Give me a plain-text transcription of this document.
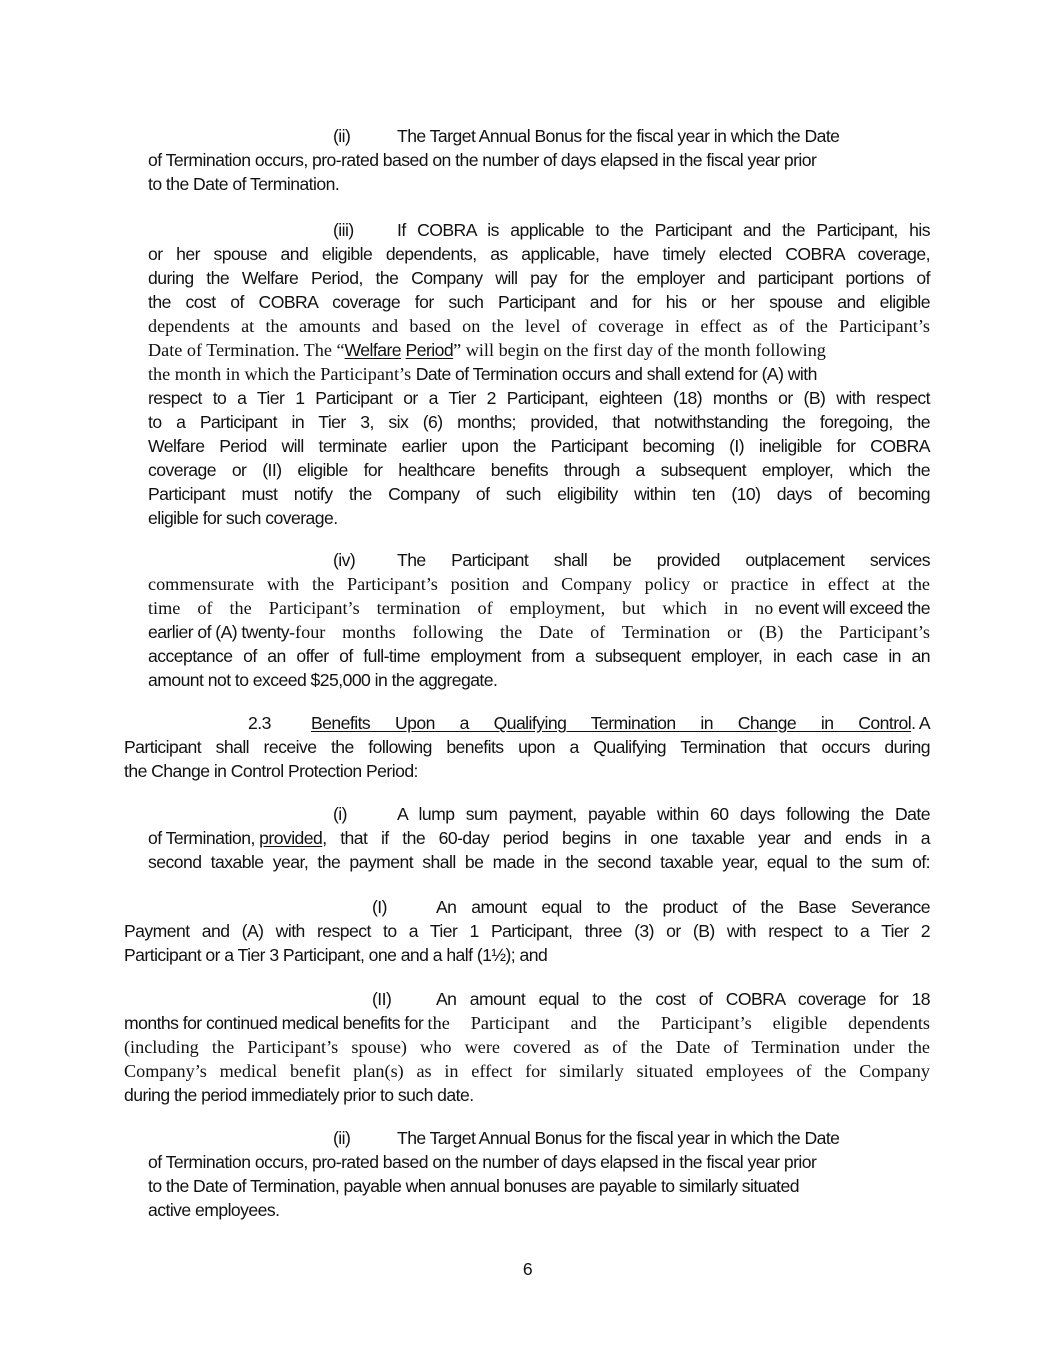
(ii)	The Target Annual Bonus for the fiscal year in which the Date
of Termination occurs, pro-rated based on the number of days elapsed in the fiscal year prior
to the Date of Termination.
(iii) If COBRA is applicable to the Participant and the Participant, his
or her spouse and eligible dependents, as applicable, have timely elected COBRA coverage,
during the Welfare Period, the Company will pay for the employer and participant portions of
the cost of COBRA coverage for such Participant and for his or her spouse and eligible
dependents at the amounts and based on the level of coverage in effect as of the Participant’s
Date of Termination. The “Welfare Period” will begin on the first day of the month following
the month in which the Participant’s Date of Termination occurs and shall extend for (A) with
respect to a Tier 1 Participant or a Tier 2 Participant, eighteen (18) months or (B) with respect
to a Participant in Tier 3, six (6) months; provided, that notwithstanding the foregoing, the
Welfare Period will terminate earlier upon the Participant becoming (I) ineligible for COBRA
coverage or (II) eligible for healthcare benefits through a subsequent employer, which the
Participant must notify the Company of such eligibility within ten (10) days of becoming
eligible for such coverage.
(iv) The Participant shall be provided outplacement services
commensurate with the Participant’s position and Company policy or practice in effect at the
time of the Participant’s termination of employment, but which in no event will exceed the
earlier of (A) twenty -four months following the Date of Termination or (B) the Participant’s
acceptance of an offer of full-time employment from a subsequent employer, in each case in an
amount not to exceed $25,000 in the aggregate.
2.3 Benefits Upon a Qualifying Termination in Change in Control . A
Participant shall receive the following benefits upon a Qualifying Termination that occurs during
the Change in Control Protection Period:
(i)	A lump sum payment, payable within 60 days following the Date
of Termination, provided , that if the 60-day period begins in one taxable year and ends in a
second taxable year, the payment shall be made in the second taxable year, equal to the sum of:
(I)	An amount equal to the product of the Base Severance
Payment and (A) with respect to a Tier 1 Participant, three (3) or (B) with respect to a Tier 2
Participant or a Tier 3 Participant, one and a half (1½); and
(II)	An amount equal to the cost of COBRA coverage for 18
months for continued medical benefits for the Participant and the Participant’s eligible dependents
(including the Participant’s spouse) who were covered as of the Date of Termination under the
Company’s medical benefit plan(s) as in effect for similarly situated employees of the Company
during the period immediately prior to such date.
(ii)	The Target Annual Bonus for the fiscal year in which the Date
of Termination occurs, pro-rated based on the number of days elapsed in the fiscal year prior
to the Date of Termination, payable when annual bonuses are payable to similarly situated
active employees.
6
